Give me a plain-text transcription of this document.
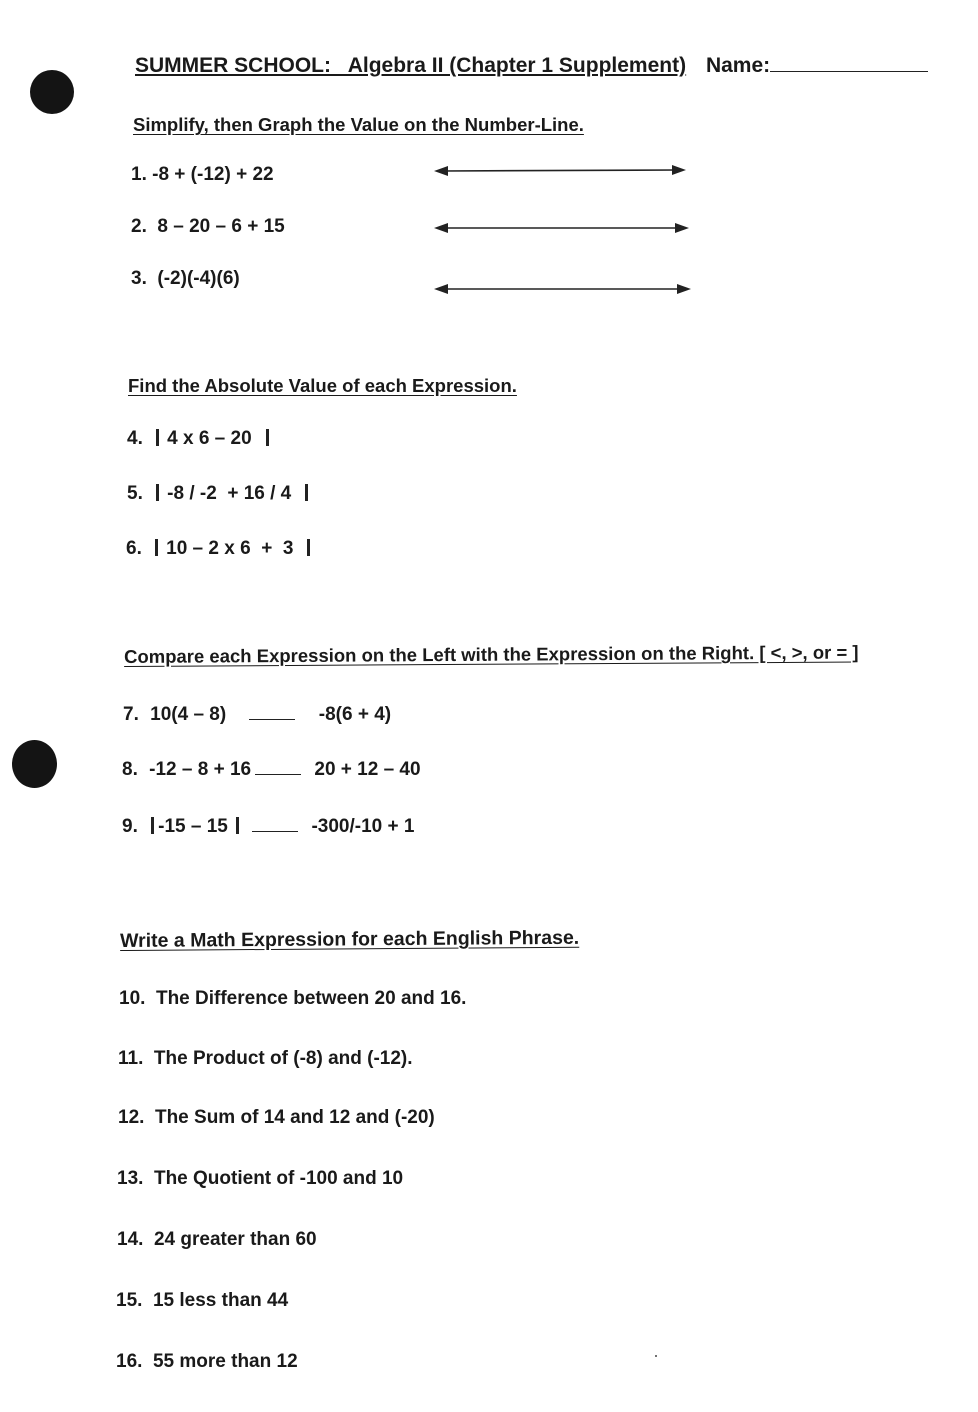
SUMMER SCHOOL:   Algebra II (Chapter 1 Supplement) Name:
Simplify, then Graph the Value on the Number-Line.
1. -8 + (-12) + 22
2.  8 – 20 – 6 + 15
3.  (-2)(-4)(6)
Find the Absolute Value of each Expression.
4. 4 x 6 – 20
5. -8 / -2  + 16 / 4
6. 10 – 2 x 6  +  3
Compare each Expression on the Left with the Expression on the Right. [ <, >, or = ]
7. 10(4 – 8)	-8(6 + 4)
8. -12 – 8 + 16	20 + 12 – 40
9. -15 – 15	-300/-10 + 1
Write a Math Expression for each English Phrase.
10.  The Difference between 20 and 16.
11.  The Product of (-8) and (-12).
12.  The Sum of 14 and 12 and (-20)
13.  The Quotient of -100 and 10
14.  24 greater than 60
15.  15 less than 44
16.  55 more than 12
